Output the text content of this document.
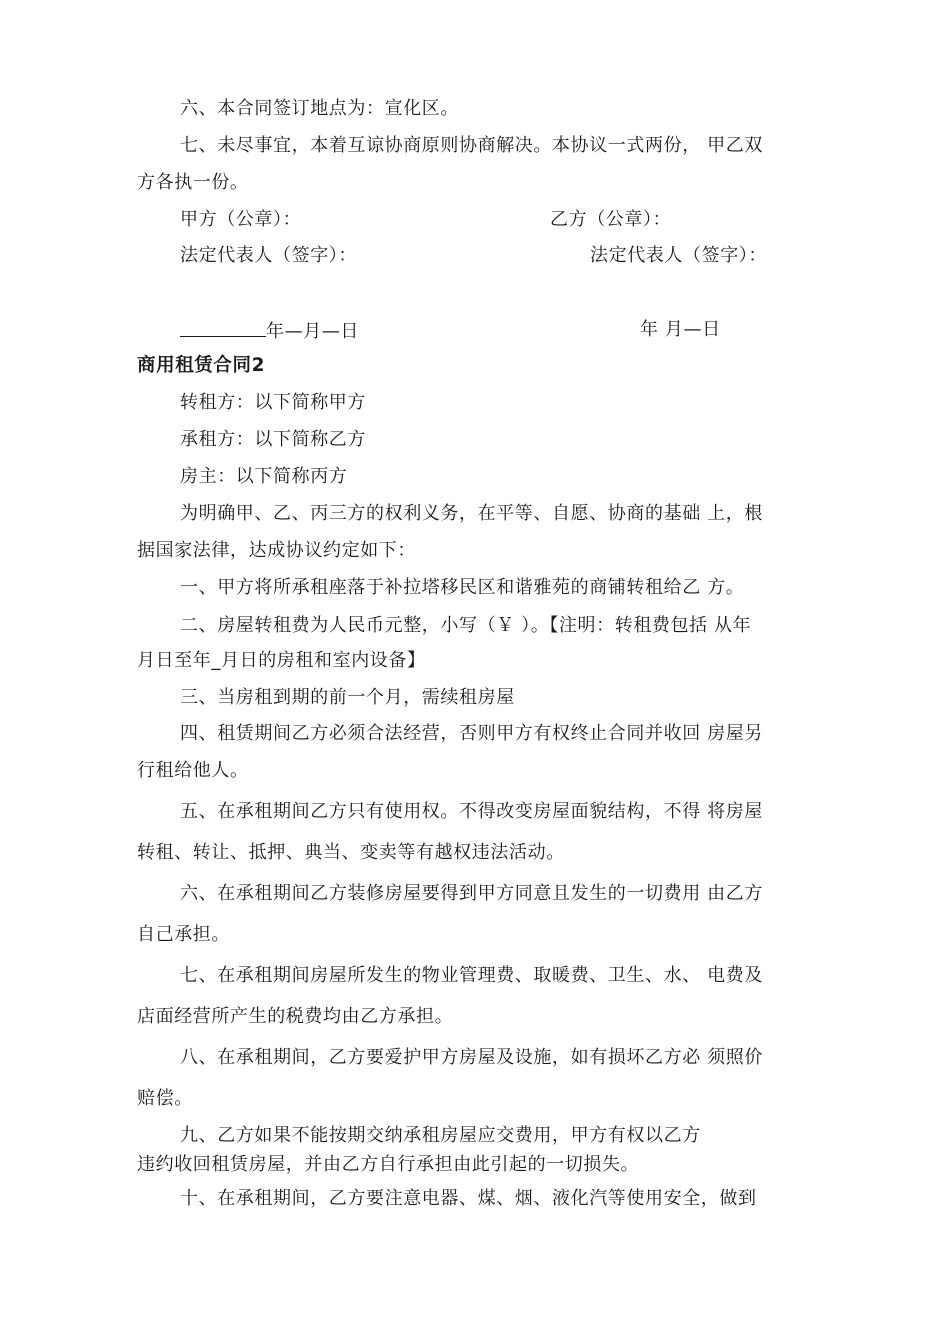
六、本合同签订地点为：宣化区。
七、未尽事宜，本着互谅协商原则协商解决。本协议一式两份， 甲乙双
方各执一份。
甲方（公章）：	乙方（公章）：
法定代表人（签字）：	法定代表人（签字）：
年—月—日	年 月—日
商用租赁合同2
转租方：以下简称甲方
承租方：以下简称乙方
房主：以下简称丙方
为明确甲、乙、丙三方的权利义务，在平等、自愿、协商的基础 上，根
据国家法律，达成协议约定如下：
一、甲方将所承租座落于补拉塔移民区和谐雅苑的商铺转租给乙 方。
二、房屋转租费为人民币元整，小写（￥ ）。【注明：转租费包括 从年
月日至年_月日的房租和室内设备】
三、当房租到期的前一个月，需续租房屋
四、租赁期间乙方必须合法经营，否则甲方有权终止合同并收回 房屋另
行租给他人。
五、在承租期间乙方只有使用权。不得改变房屋面貌结构，不得 将房屋
转租、转让、抵押、典当、变卖等有越权违法活动。
六、在承租期间乙方装修房屋要得到甲方同意且发生的一切费用 由乙方
自己承担。
七、在承租期间房屋所发生的物业管理费、取暖费、卫生、水、 电费及
店面经营所产生的税费均由乙方承担。
八、在承租期间，乙方要爱护甲方房屋及设施，如有损坏乙方必 须照价
赔偿。
九、乙方如果不能按期交纳承租房屋应交费用，甲方有权以乙方
违约收回租赁房屋，并由乙方自行承担由此引起的一切损失。
十、在承租期间，乙方要注意电器、煤、烟、液化汽等使用安全，做到
